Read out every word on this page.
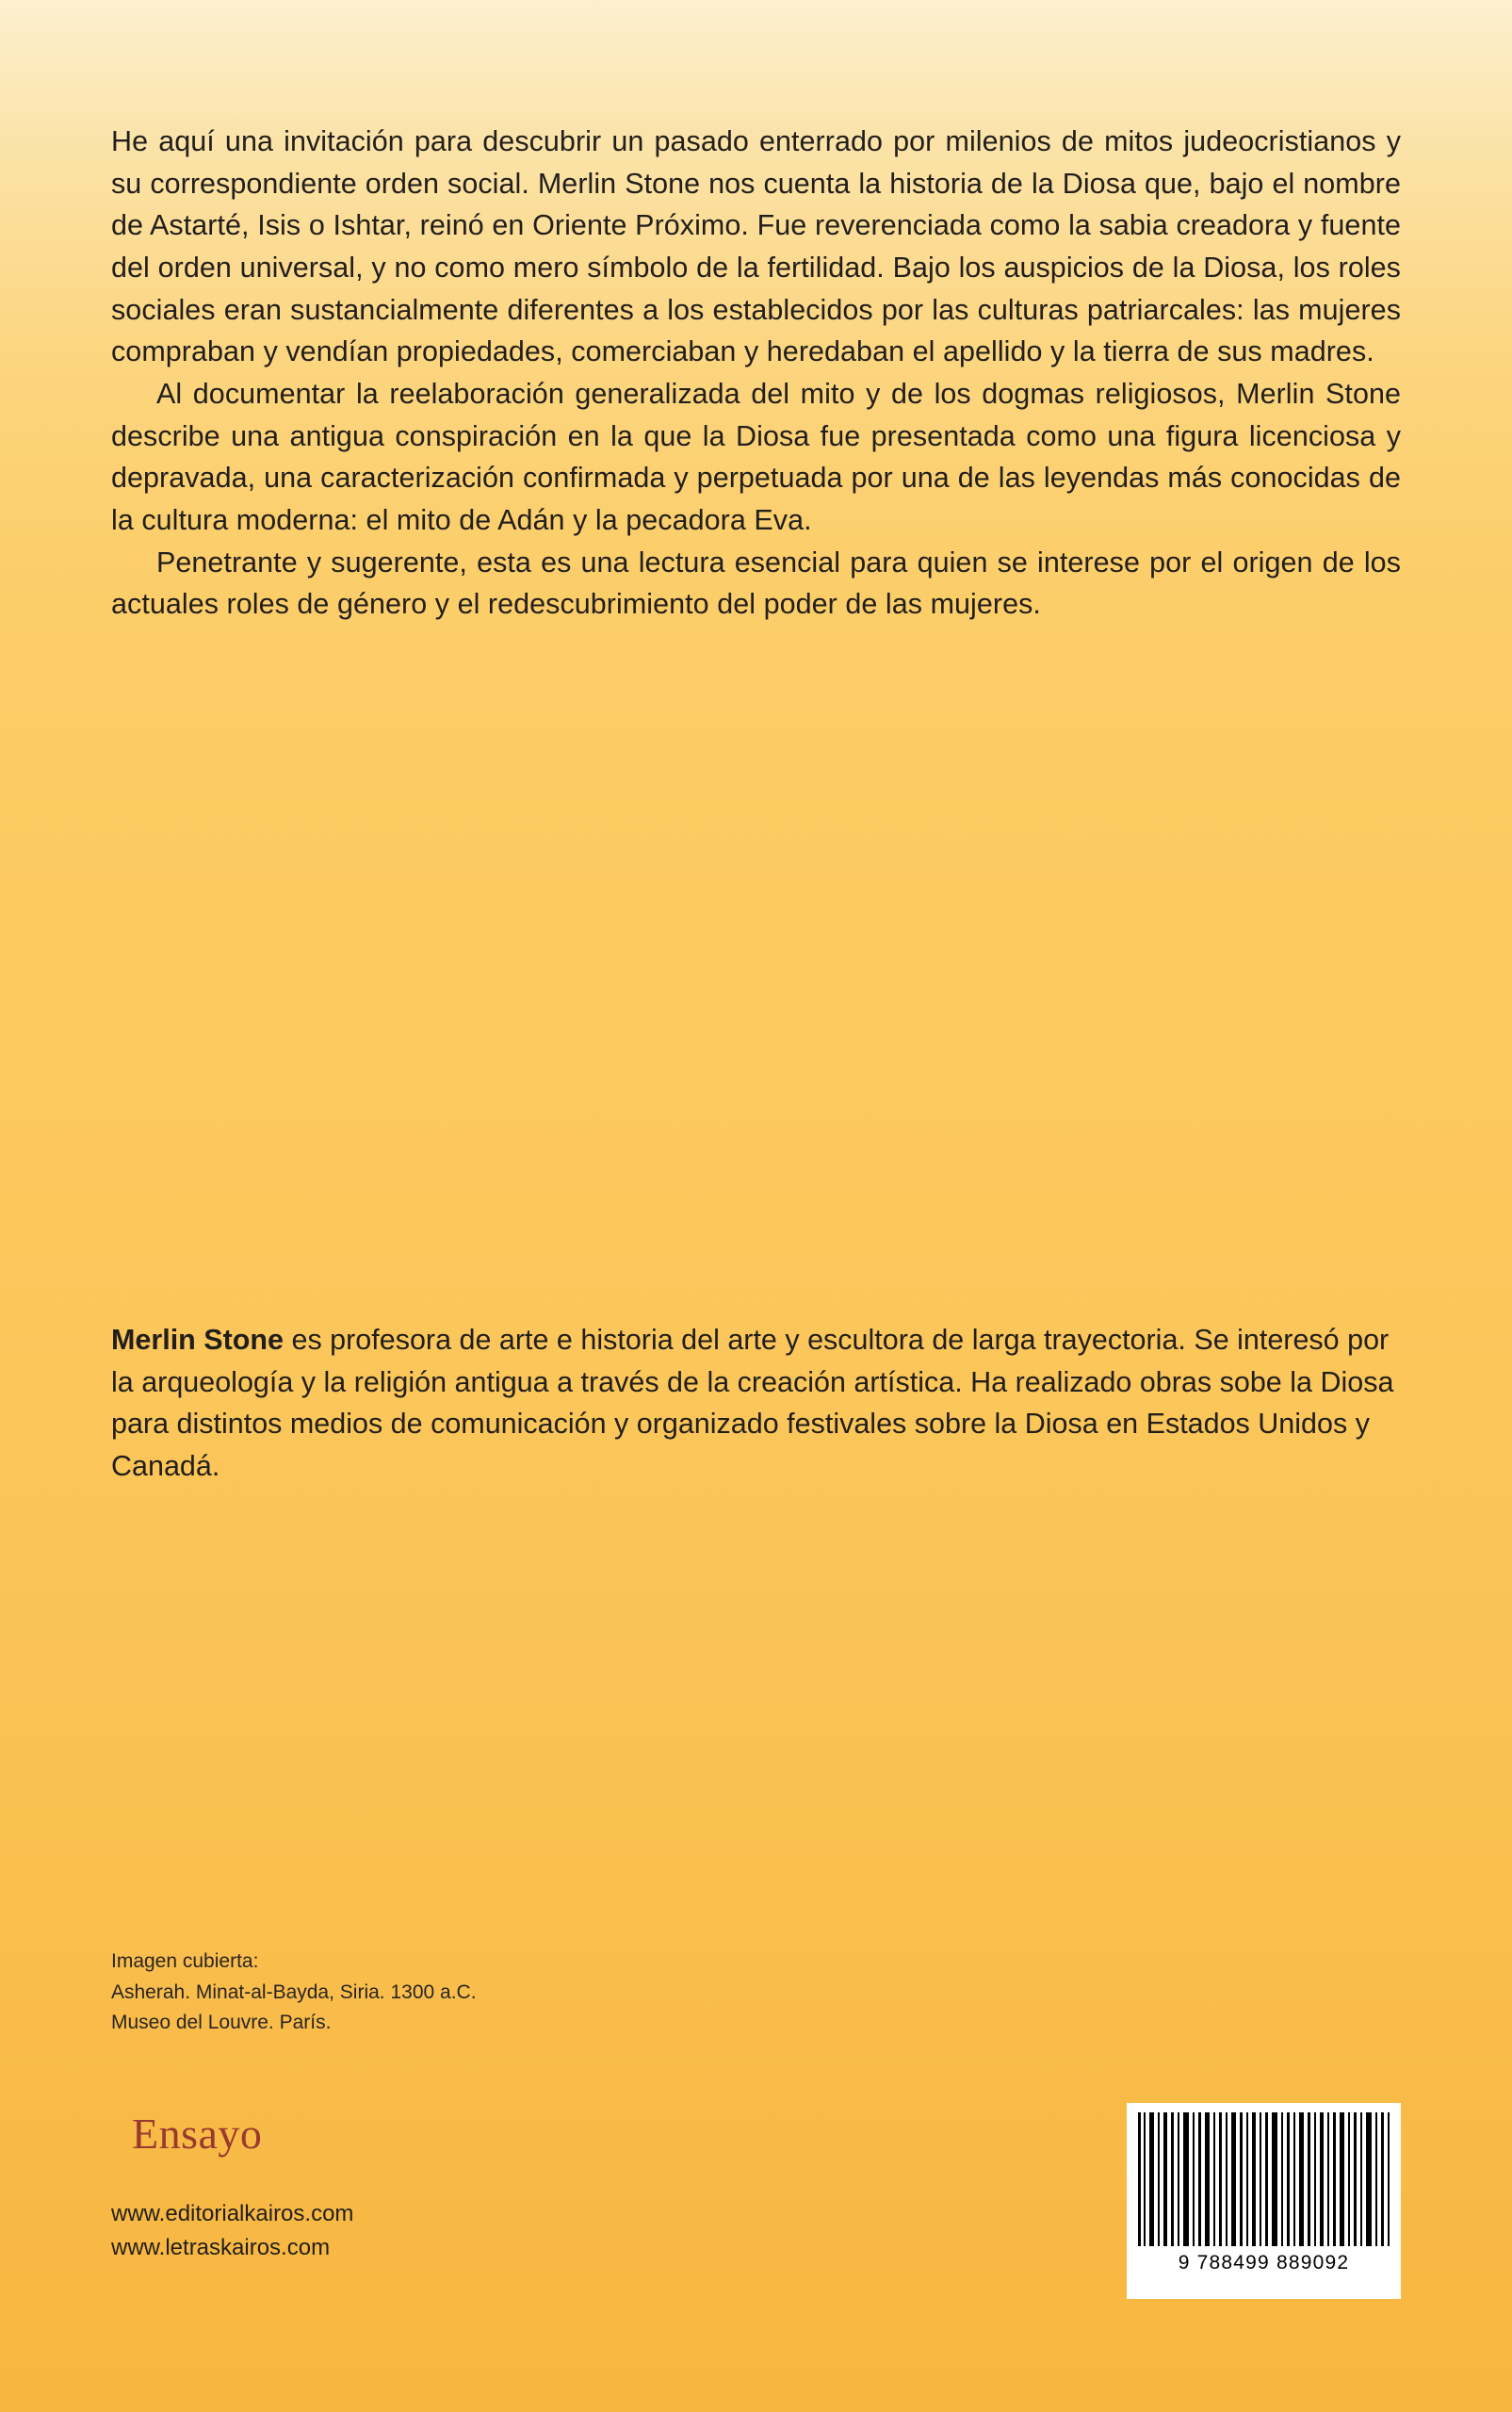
He aquí una invitación para descubrir un pasado enterrado por milenios de mitos judeocristianos y su correspondiente orden social. Merlin Stone nos cuenta la historia de la Diosa que, bajo el nombre de Astarté, Isis o Ishtar, reinó en Oriente Próximo. Fue reverenciada como la sabia creadora y fuente del orden universal, y no como mero símbolo de la fertilidad. Bajo los auspicios de la Diosa, los roles sociales eran sustancialmente diferentes a los establecidos por las culturas patriarcales: las mujeres compraban y vendían propiedades, comerciaban y heredaban el apellido y la tierra de sus madres.

Al documentar la reelaboración generalizada del mito y de los dogmas religiosos, Merlin Stone describe una antigua conspiración en la que la Diosa fue presentada como una figura licenciosa y depravada, una caracterización confirmada y perpetuada por una de las leyendas más conocidas de la cultura moderna: el mito de Adán y la pecadora Eva.

Penetrante y sugerente, esta es una lectura esencial para quien se interese por el origen de los actuales roles de género y el redescubrimiento del poder de las mujeres.

Merlin Stone es profesora de arte e historia del arte y escultora de larga trayectoria. Se interesó por la arqueología y la religión antigua a través de la creación artística. Ha realizado obras sobe la Diosa para distintos medios de comunicación y organizado festivales sobre la Diosa en Estados Unidos y Canadá.

Imagen cubierta:
Asherah. Minat-al-Bayda, Siria. 1300 a.C.
Museo del Louvre. París.
Ensayo
www.editorialkairos.com
www.letraskairos.com
9 788499 889092
